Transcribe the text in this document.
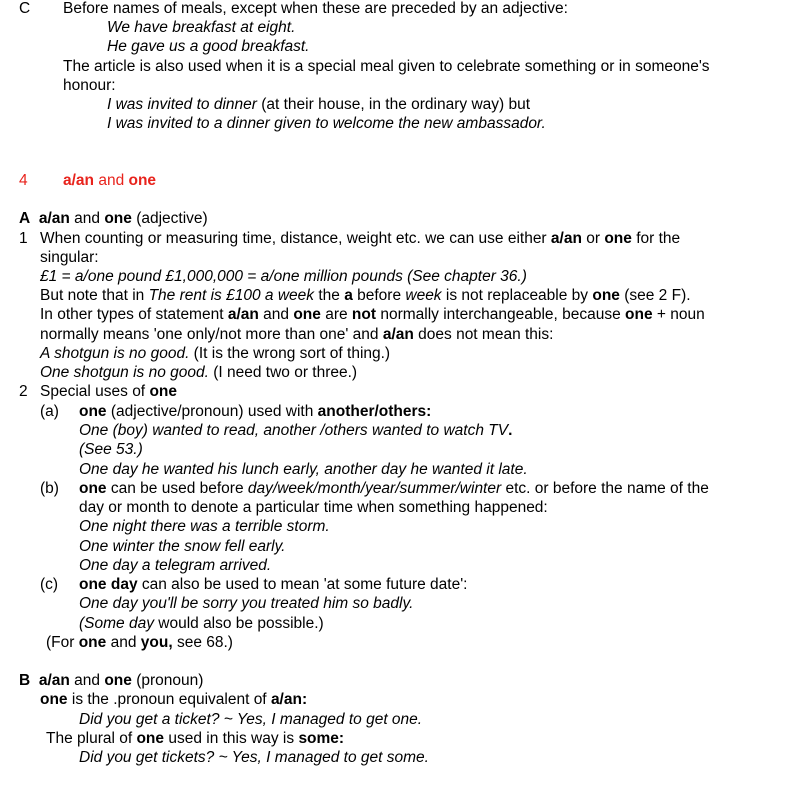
C Before names of meals, except when these are preceded by an adjective:
We have breakfast at eight.
He gave us a good breakfast.
The article is also used when it is a special meal given to celebrate something or in someone's
honour:
I was invited to dinner (at their house, in the ordinary way) but
I was invited to a dinner given to welcome the new ambassador.
4 a/an and one
A a/an and one (adjective)
1 When counting or measuring time, distance, weight etc. we can use either a/an or one for the
singular:
£1 = a/one pound £1,000,000 = a/one million pounds (See chapter 36.)
But note that in The rent is £100 a week the a before week is not replaceable by one (see 2 F).
In other types of statement a/an and one are not normally interchangeable, because one + noun
normally means 'one only/not more than one' and a/an does not mean this:
A shotgun is no good. (It is the wrong sort of thing.)
One shotgun is no good. (I need two or three.)
2 Special uses of one
(a) one (adjective/pronoun) used with another/others:
One (boy) wanted to read, another /others wanted to watch TV.
(See 53.)
One day he wanted his lunch early, another day he wanted it late.
(b) one can be used before day/week/month/year/summer/winter etc. or before the name of the
day or month to denote a particular time when something happened:
One night there was a terrible storm.
One winter the snow fell early.
One day a telegram arrived.
(c) one day can also be used to mean 'at some future date':
One day you'll be sorry you treated him so badly.
(Some day would also be possible.)
(For one and you, see 68.)
B a/an and one (pronoun)
one is the .pronoun equivalent of a/an:
Did you get a ticket? ~ Yes, I managed to get one.
The plural of one used in this way is some:
Did you get tickets? ~ Yes, I managed to get some.
